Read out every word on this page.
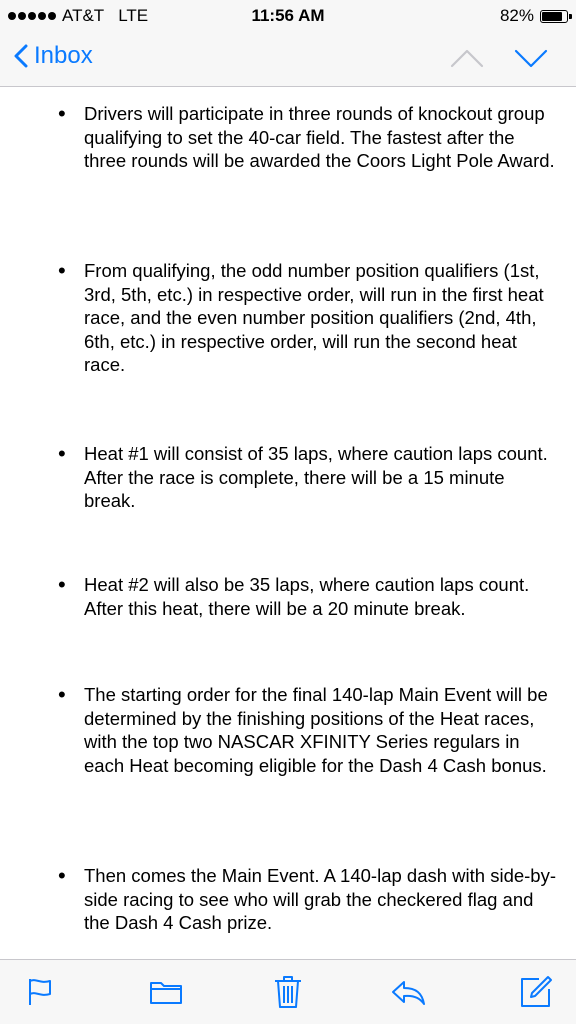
AT&T LTE	11:56 AM	82%
Inbox
• Drivers will participate in three rounds of knockout group qualifying to set the 40-car field. The fastest after the three rounds will be awarded the Coors Light Pole Award.
• From qualifying, the odd number position qualifiers (1st, 3rd, 5th, etc.) in respective order, will run in the first heat race, and the even number position qualifiers (2nd, 4th, 6th, etc.) in respective order, will run the second heat race.
• Heat #1 will consist of 35 laps, where caution laps count. After the race is complete, there will be a 15 minute break.
• Heat #2 will also be 35 laps, where caution laps count. After this heat, there will be a 20 minute break.
• The starting order for the final 140-lap Main Event will be determined by the finishing positions of the Heat races, with the top two NASCAR XFINITY Series regulars in each Heat becoming eligible for the Dash 4 Cash bonus.
• Then comes the Main Event. A 140-lap dash with side-by-side racing to see who will grab the checkered flag and the Dash 4 Cash prize.
